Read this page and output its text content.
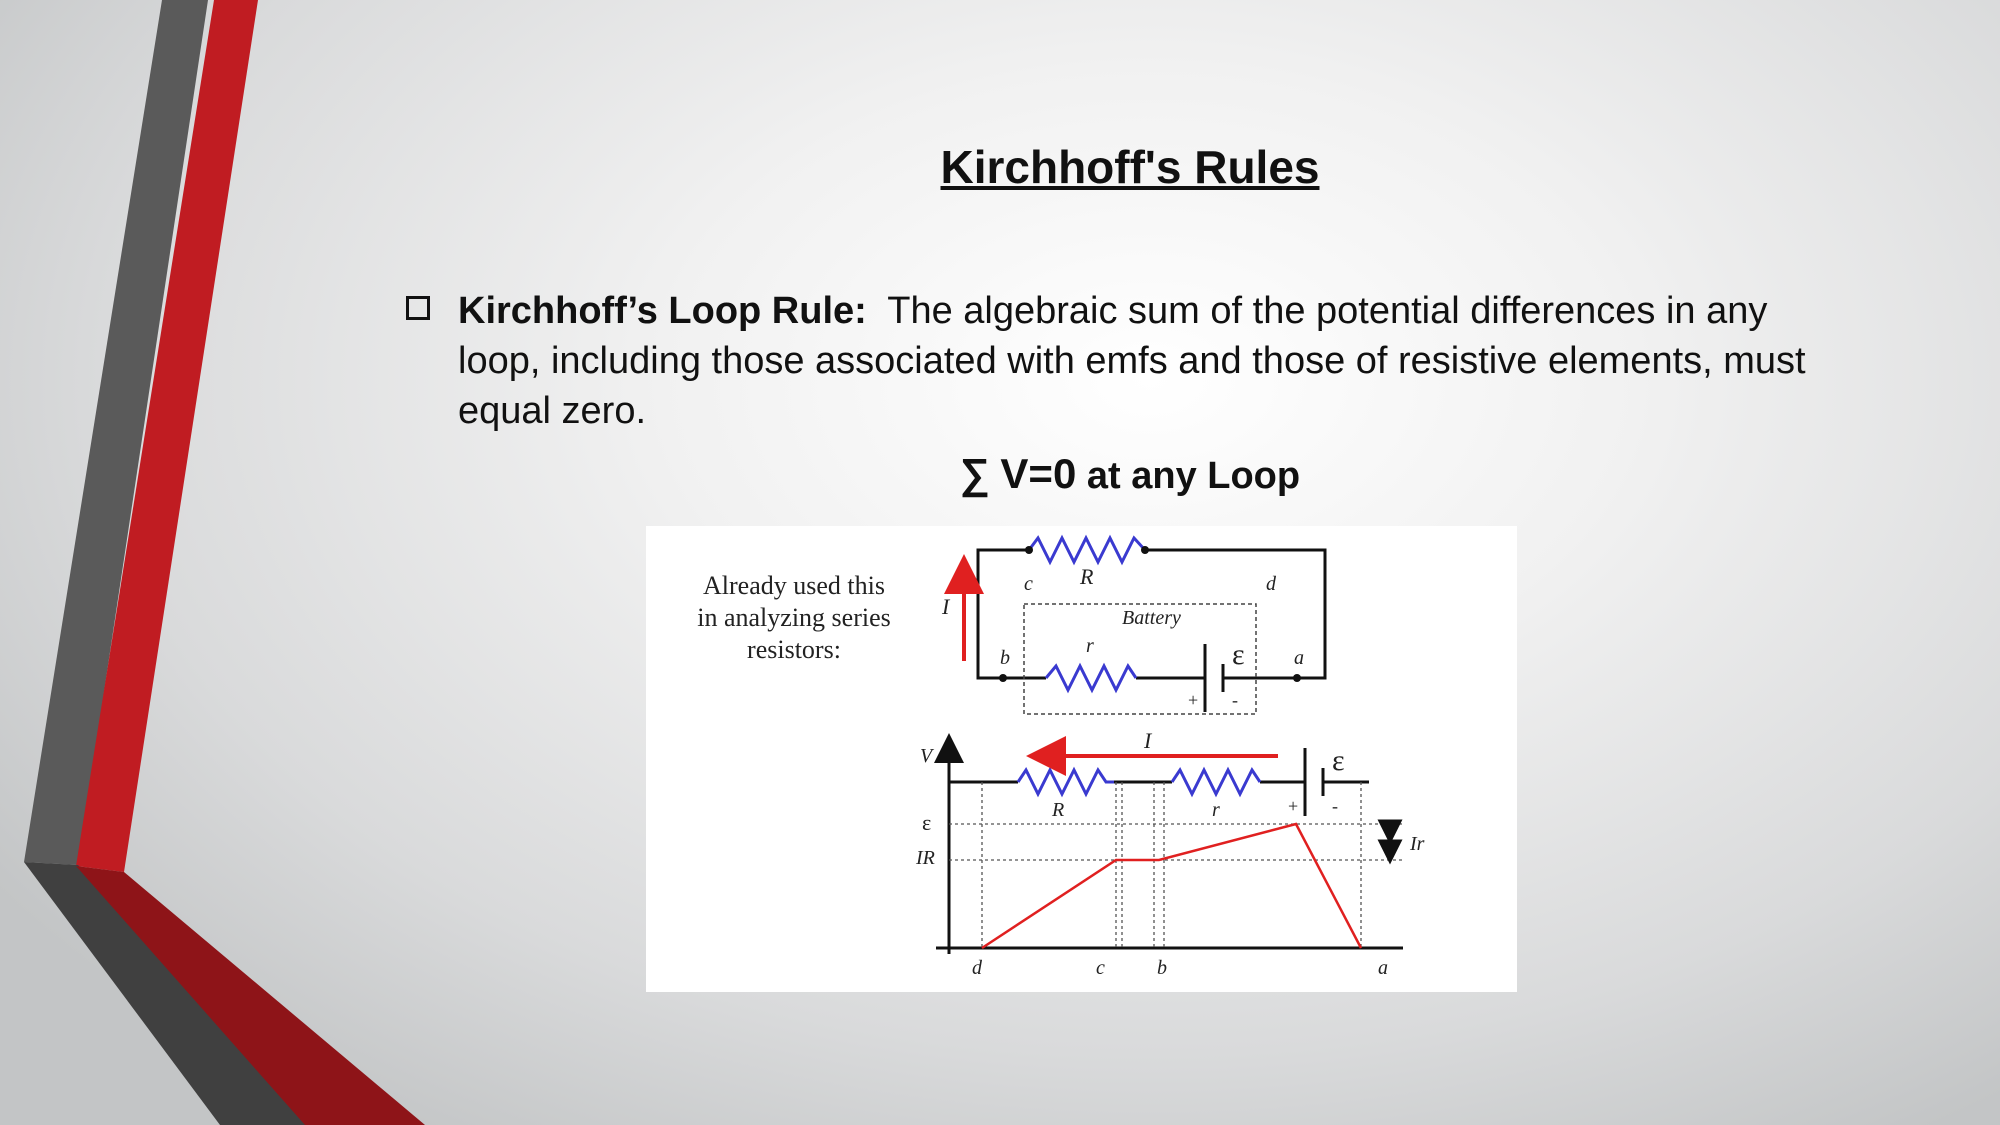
Kirchhoff's Rules
Kirchhoff’s Loop Rule: The algebraic sum of the potential differences in any loop, including those associated with emfs and those of resistive elements, must equal zero.
∑ V=0 at any Loop
Already used this
in analyzing series
resistors:
I
c R	d
Battery
r
b	a
ε
+ -
V
I
R	r
ε
IR
Ir
ε
+ -
d	c	b	a
